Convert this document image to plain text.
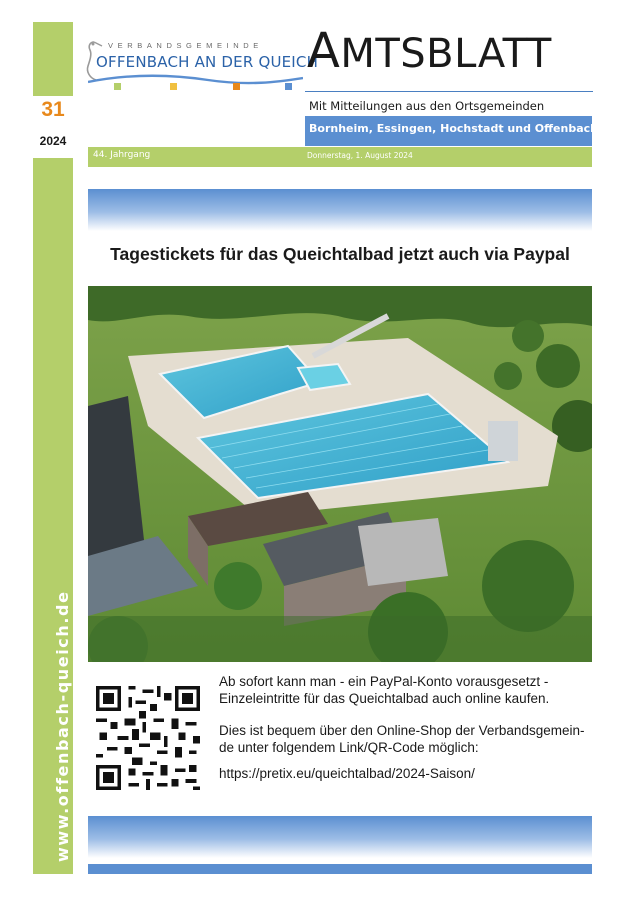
31
2024
www.offenbach-queich.de
VERBANDSGEMEINDE
OFFENBACH AN DER QUEICH
AMTSBLATT
Mit Mitteilungen aus den Ortsgemeinden
Bornheim, Essingen, Hochstadt und Offenbach
44. Jahrgang	Donnerstag, 1. August 2024
Tagestickets für das Queichtalbad jetzt auch via Paypal
Ab sofort kann man - ein PayPal-Konto vorausgesetzt -
Einzeleintritte für das Queichtalbad auch online kaufen.
Dies ist bequem über den Online-Shop der Verbandsgemein-
de unter folgendem Link/QR-Code möglich:
https://pretix.eu/queichtalbad/2024-Saison/
